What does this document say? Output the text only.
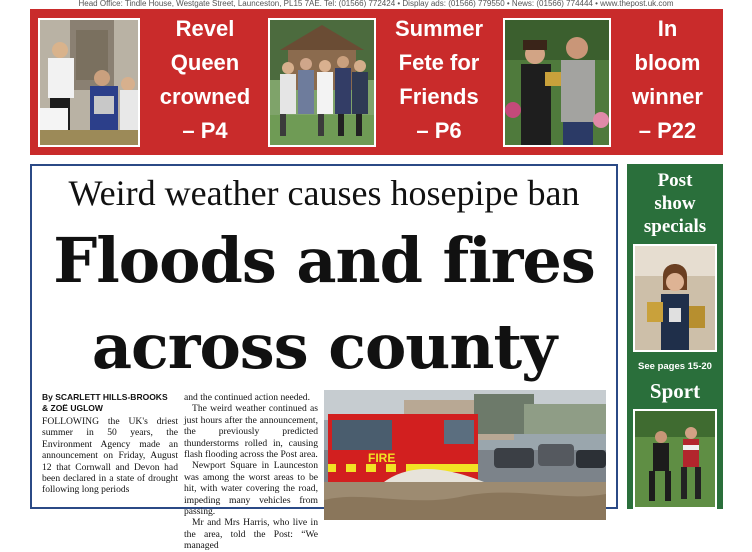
Head Office: Tindle House, Westgate Street, Launceston, PL15 7AE. Tel: (01566) 772424 • Display ads: (01566) 779550 • News: (01566) 774444 • www.thepost.uk.com
Revel
Queen
crowned
– P4
Summer
Fete for
Friends
– P6
In
bloom
winner
– P22
Weird weather causes hosepipe ban
Floods and fires
across county
By SCARLETT HILLS-BROOKS
& ZOË UGLOW

FOLLOWING the UK's driest summer in 50 years, the Environment Agency made an announcement on Friday, August 12 that Cornwall and Devon had been declared in a state of drought following long periods

and the continued action needed.

The weird weather continued as just hours after the announcement, the previously predicted thunderstorms rolled in, causing flash flooding across the Post area.

Newport Square in Launceston was among the worst areas to be hit, with water covering the road, impeding many vehicles from passing.

Mr and Mrs Harris, who live in the area, told the Post: “We managed

FIRE
Post
show
specials
See pages 15-20
Sport
